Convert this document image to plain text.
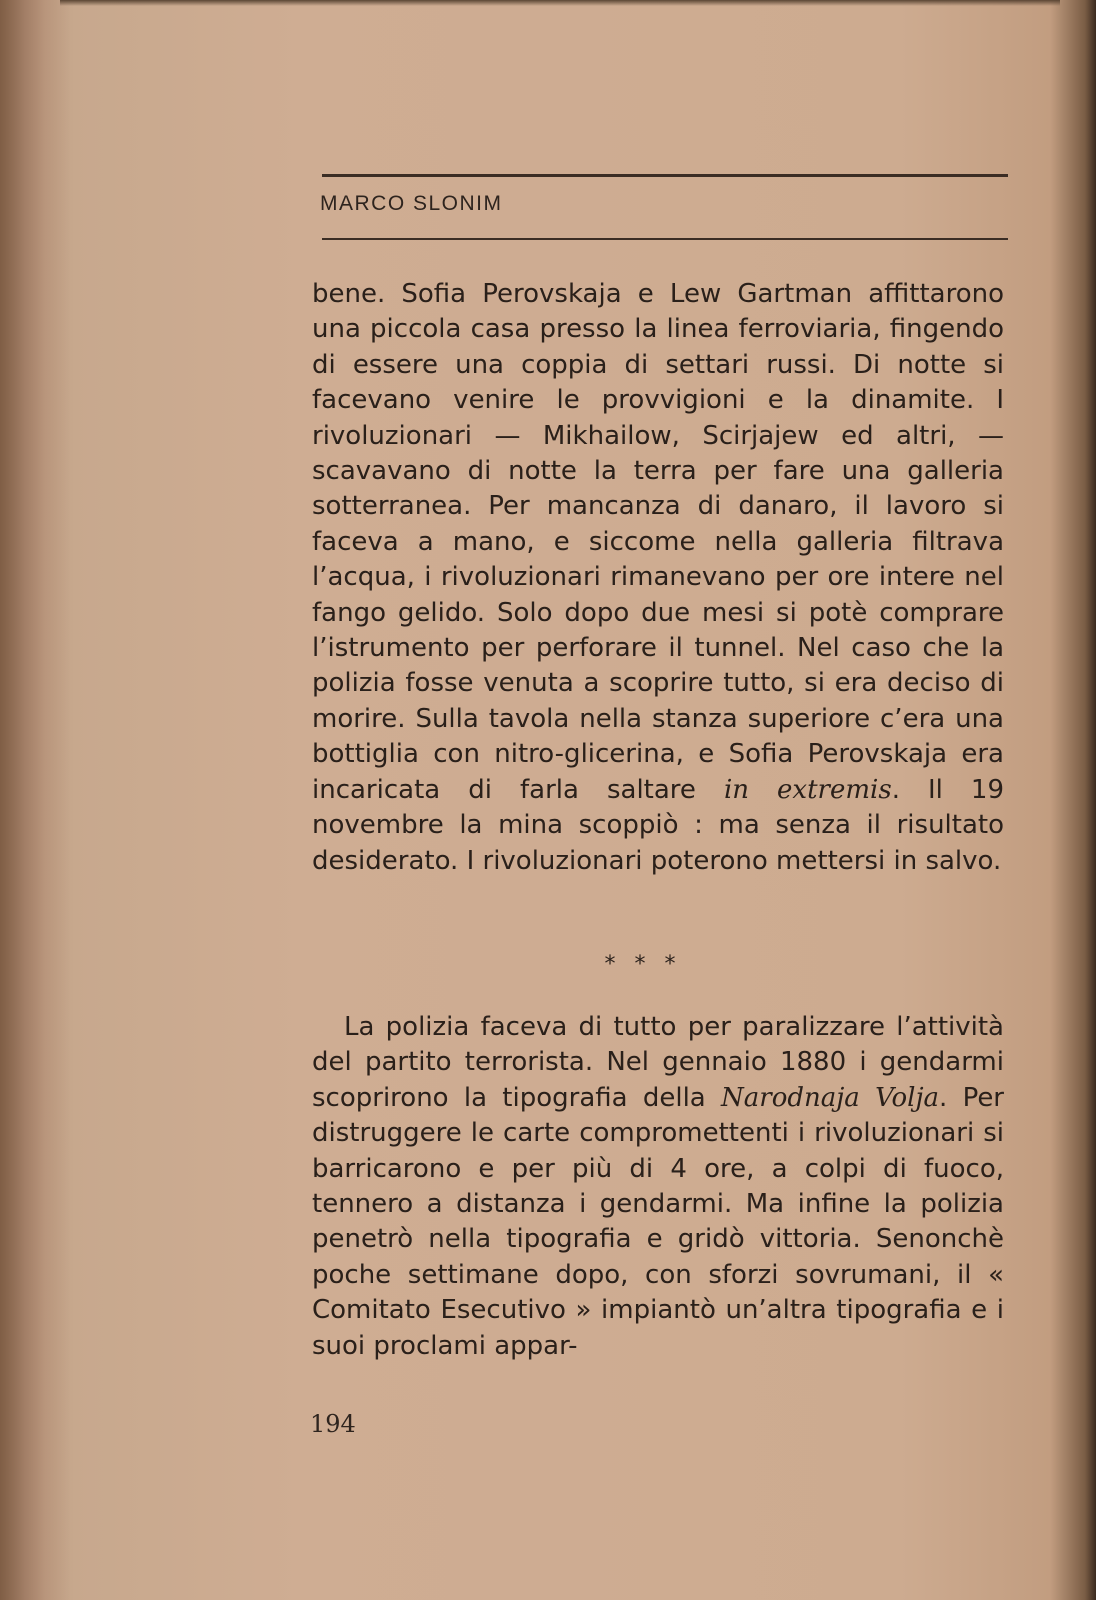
MARCO SLONIM

bene. Sofia Perovskaja e Lew Gartman affittarono una piccola casa presso la linea ferroviaria, fingendo di essere una coppia di settari russi. Di notte si facevano venire le provvigioni e la dinamite. I rivoluzionari — Mikhailow, Scirjajew ed altri, — scavavano di notte la terra per fare una galleria sotterranea. Per mancanza di danaro, il lavoro si faceva a mano, e siccome nella galleria filtrava l’acqua, i rivoluzionari rimanevano per ore intere nel fango gelido. Solo dopo due mesi si potè comprare l’istrumento per perforare il tunnel. Nel caso che la polizia fosse venuta a scoprire tutto, si era deciso di morire. Sulla tavola nella stanza superiore c’era una bottiglia con nitro-glicerina, e Sofia Perovskaja era incaricata di farla saltare in extremis. Il 19 novembre la mina scoppiò : ma senza il risultato desiderato. I rivoluzionari poterono mettersi in salvo.

* * *

La polizia faceva di tutto per paralizzare l’attività del partito terrorista. Nel gennaio 1880 i gendarmi scoprirono la tipografia della Narodnaja Volja. Per distruggere le carte compromettenti i rivoluzionari si barricarono e per più di 4 ore, a colpi di fuoco, tennero a distanza i gendarmi. Ma infine la polizia penetrò nella tipografia e gridò vittoria. Senonchè poche settimane dopo, con sforzi sovrumani, il « Comitato Esecutivo » impiantò un’altra tipografia e i suoi proclami appar-

194
